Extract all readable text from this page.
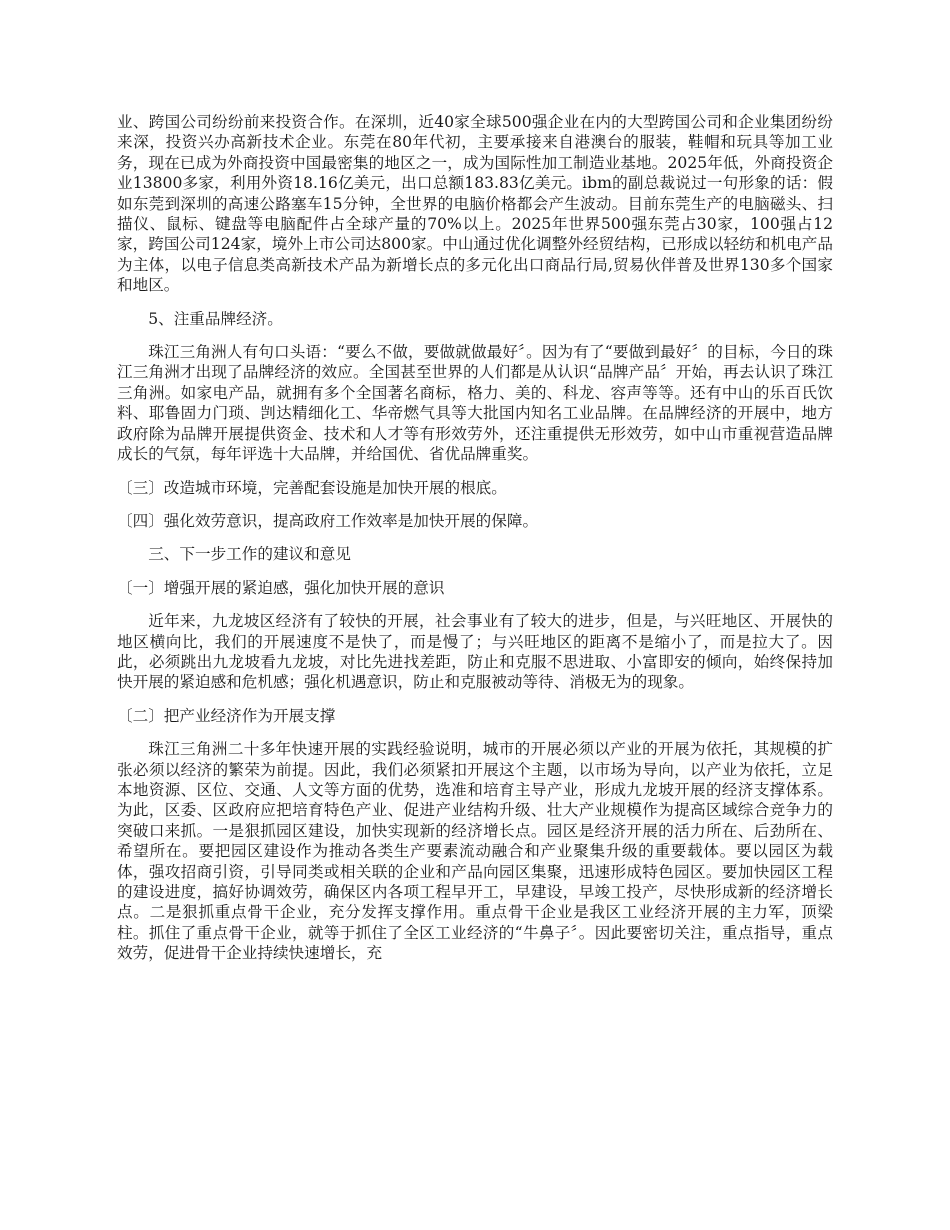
业、跨国公司纷纷前来投资合作。在深圳，近40家全球500强企业在内的大型跨国公司和企业集团纷纷来深，投资兴办高新技术企业。东莞在80年代初，主要承接来自港澳台的服装，鞋帽和玩具等加工业务，现在已成为外商投资中国最密集的地区之一，成为国际性加工制造业基地。2025年低，外商投资企业13800多家，利用外资18.16亿美元，出口总额183.83亿美元。ibm的副总裁说过一句形象的话：假如东莞到深圳的高速公路塞车15分钟，全世界的电脑价格都会产生波动。目前东莞生产的电脑磁头、扫描仪、鼠标、键盘等电脑配件占全球产量的70%以上。2025年世界500强东莞占30家，100强占12家，跨国公司124家，境外上市公司达800家。中山通过优化调整外经贸结构，已形成以轻纺和机电产品为主体，以电子信息类高新技术产品为新增长点的多元化出口商品行局,贸易伙伴普及世界130多个国家和地区。

5、注重品牌经济。

珠江三角洲人有句口头语：“要么不做，要做就做最好〞。因为有了“要做到最好〞的目标，今日的珠江三角洲才出现了品牌经济的效应。全国甚至世界的人们都是从认识“品牌产品〞开始，再去认识了珠江三角洲。如家电产品，就拥有多个全国著名商标，格力、美的、科龙、容声等等。还有中山的乐百氏饮料、耶鲁固力门琐、剀达精细化工、华帝燃气具等大批国内知名工业品牌。在品牌经济的开展中，地方政府除为品牌开展提供资金、技术和人才等有形效劳外，还注重提供无形效劳，如中山市重视营造品牌成长的气氛，每年评选十大品牌，并给国优、省优品牌重奖。

〔三〕改造城市环境，完善配套设施是加快开展的根底。

〔四〕强化效劳意识，提高政府工作效率是加快开展的保障。

三、下一步工作的建议和意见

〔一〕增强开展的紧迫感，强化加快开展的意识

近年来，九龙坡区经济有了较快的开展，社会事业有了较大的进步，但是，与兴旺地区、开展快的地区横向比，我们的开展速度不是快了，而是慢了；与兴旺地区的距离不是缩小了，而是拉大了。因此，必须跳出九龙坡看九龙坡，对比先进找差距，防止和克服不思进取、小富即安的倾向，始终保持加快开展的紧迫感和危机感；强化机遇意识，防止和克服被动等待、消极无为的现象。

〔二〕把产业经济作为开展支撑

珠江三角洲二十多年快速开展的实践经验说明，城市的开展必须以产业的开展为依托，其规模的扩张必须以经济的繁荣为前提。因此，我们必须紧扣开展这个主题，以市场为导向，以产业为依托，立足本地资源、区位、交通、人文等方面的优势，选准和培育主导产业，形成九龙坡开展的经济支撑体系。为此，区委、区政府应把培育特色产业、促进产业结构升级、壮大产业规模作为提高区域综合竞争力的突破口来抓。一是狠抓园区建设，加快实现新的经济增长点。园区是经济开展的活力所在、后劲所在、希望所在。要把园区建设作为推动各类生产要素流动融合和产业聚集升级的重要载体。要以园区为载体，强攻招商引资，引导同类或相关联的企业和产品向园区集聚，迅速形成特色园区。要加快园区工程的建设进度，搞好协调效劳，确保区内各项工程早开工，早建设，早竣工投产，尽快形成新的经济增长点。二是狠抓重点骨干企业，充分发挥支撑作用。重点骨干企业是我区工业经济开展的主力军，顶梁柱。抓住了重点骨干企业，就等于抓住了全区工业经济的“牛鼻子〞。因此要密切关注，重点指导，重点效劳，促进骨干企业持续快速增长，充
